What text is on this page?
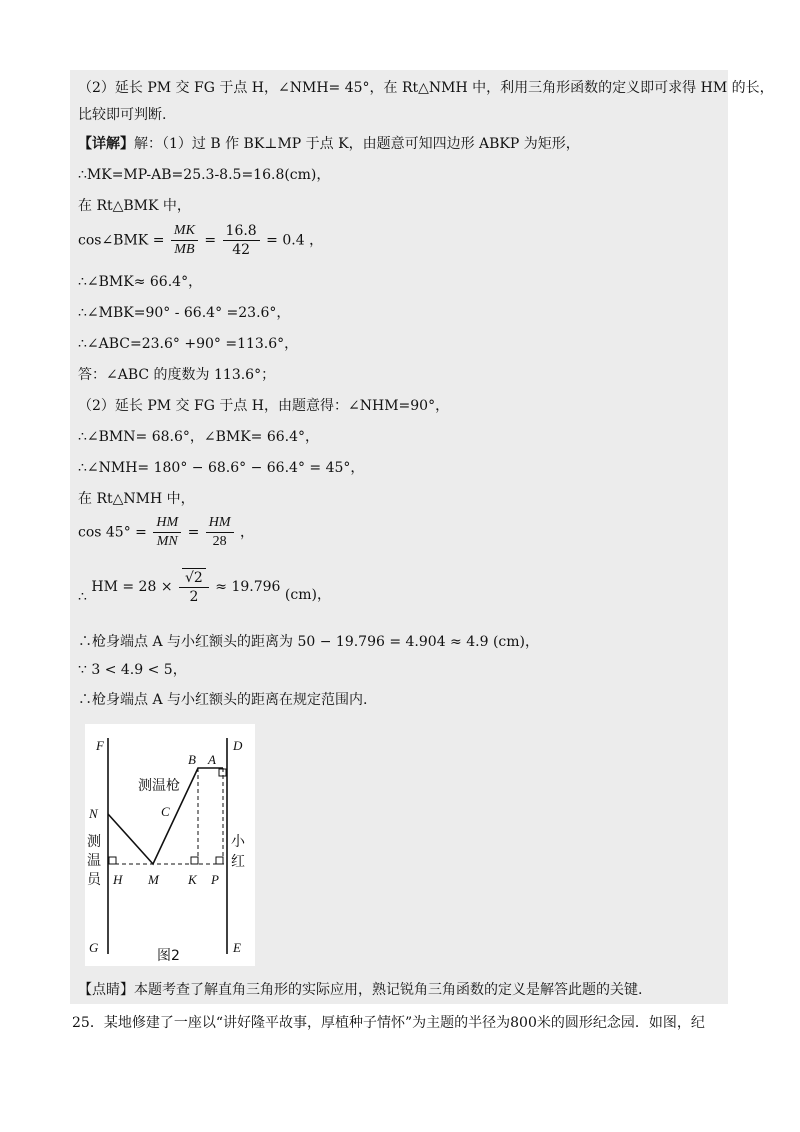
（2）延长 PM 交 FG 于点 H，∠NMH= 45°，在 Rt△NMH 中，利用三角形函数的定义即可求得 HM 的长，
比较即可判断.
【详解】解：（1）过 B 作 BK⊥MP 于点 K，由题意可知四边形 ABKP 为矩形，
∴MK=MP-AB=25.3-8.5=16.8(cm)，
在 Rt△BMK 中，
cos∠BMK = $\frac{MK}{MB} = \frac{16.8}{42} = 0.4$ ，
∴∠BMK≈ 66.4°，
∴∠MBK=90° - 66.4° =23.6°，
∴∠ABC=23.6° +90° =113.6°，
答：∠ABC 的度数为 113.6°；
（2）延长 PM 交 FG 于点 H，由题意得：∠NHM=90°，
∴∠BMN= 68.6°，∠BMK= 66.4°，
∴∠NMH= 180° − 68.6° − 66.4° = 45°，
在 Rt△NMH 中，
$\cos 45^\circ = \frac{HM}{MN} = \frac{HM}{28}$ ，
∴ HM = $28 \times \frac{√2}{2} \approx 19.796$ (cm)，
∴枪身端点 A 与小红额头的距离为 50 − 19.796 = 4.904 ≈ 4.9 (cm)，
∵ 3 < 4.9 < 5，
∴枪身端点 A 与小红额头的距离在规定范围内.
F	D
B A
N	C
H M K P
G	E
测温枪
测
温
员
小
红
图2
【点睛】本题考查了解直角三角形的实际应用，熟记锐角三角函数的定义是解答此题的关键.
25．某地修建了一座以“讲好隆平故事，厚植种子情怀”为主题的半径为800米的圆形纪念园．如图，纪
